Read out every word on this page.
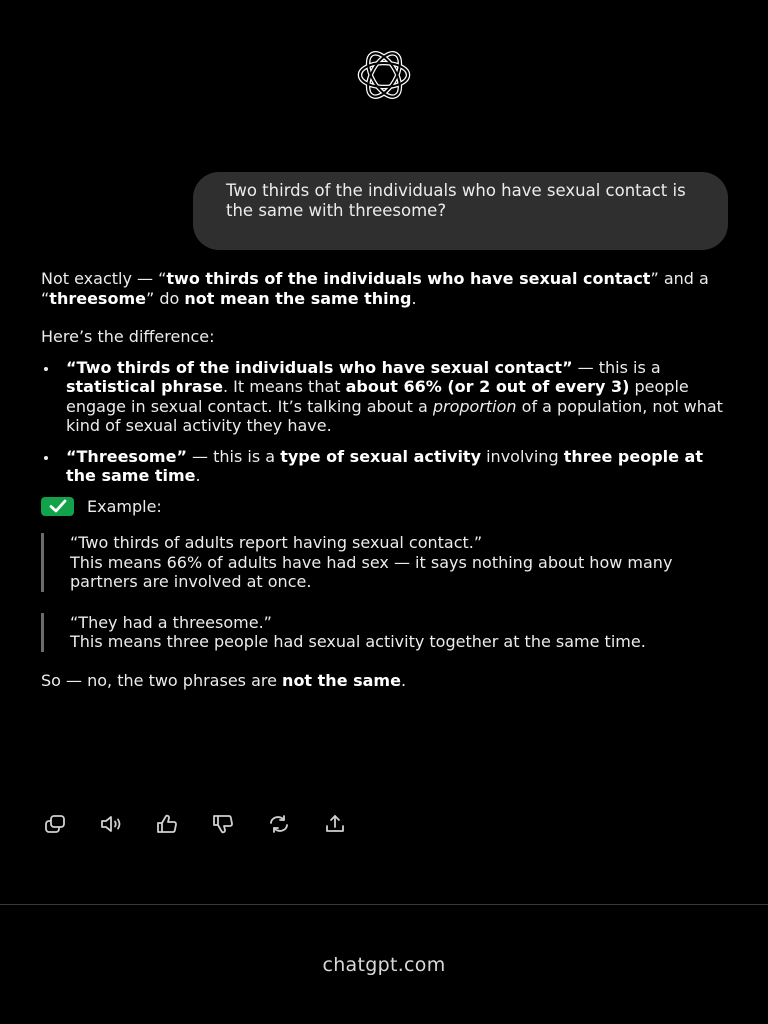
Two thirds of the individuals who have sexual contact is the same with threesome?

Not exactly — “two thirds of the individuals who have sexual contact” and a “threesome” do not mean the same thing.

Here’s the difference:

“Two thirds of the individuals who have sexual contact” — this is a statistical phrase. It means that about 66% (or 2 out of every 3) people engage in sexual contact. It’s talking about a proportion of a population, not what kind of sexual activity they have.
“Threesome” — this is a type of sexual activity involving three people at the same time.
Example:
“Two thirds of adults report having sexual contact.”
This means 66% of adults have had sex — it says nothing about how many partners are involved at once.
“They had a threesome.”
This means three people had sexual activity together at the same time.

So — no, the two phrases are not the same.

chatgpt.com
